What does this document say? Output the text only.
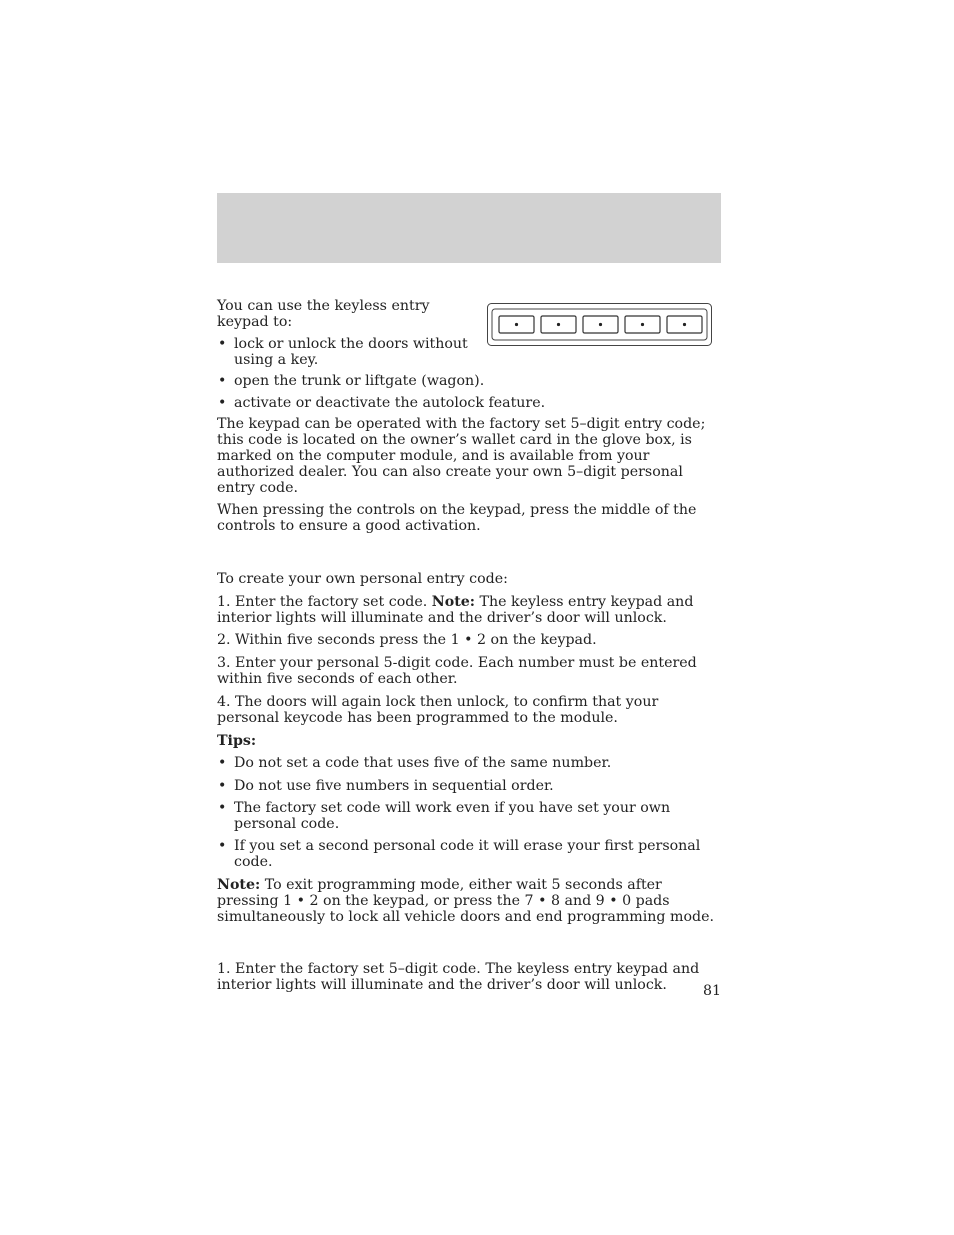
You can use the keyless entry keypad to:

• lock or unlock the doors without using a key.
• open the trunk or liftgate (wagon).
• activate or deactivate the autolock feature.

The keypad can be operated with the factory set 5–digit entry code; this code is located on the owner’s wallet card in the glove box, is marked on the computer module, and is available from your authorized dealer. You can also create your own 5–digit personal entry code.

When pressing the controls on the keypad, press the middle of the controls to ensure a good activation.

To create your own personal entry code:

1. Enter the factory set code. Note: The keyless entry keypad and interior lights will illuminate and the driver’s door will unlock.

2. Within five seconds press the 1 • 2 on the keypad.

3. Enter your personal 5-digit code. Each number must be entered within five seconds of each other.

4. The doors will again lock then unlock, to confirm that your personal keycode has been programmed to the module.

Tips:

• Do not set a code that uses five of the same number.
• Do not use five numbers in sequential order.
• The factory set code will work even if you have set your own personal code.
• If you set a second personal code it will erase your first personal code.

Note: To exit programming mode, either wait 5 seconds after pressing 1 • 2 on the keypad, or press the 7 • 8 and 9 • 0 pads simultaneously to lock all vehicle doors and end programming mode.

1. Enter the factory set 5–digit code. The keyless entry keypad and interior lights will illuminate and the driver’s door will unlock.	81
